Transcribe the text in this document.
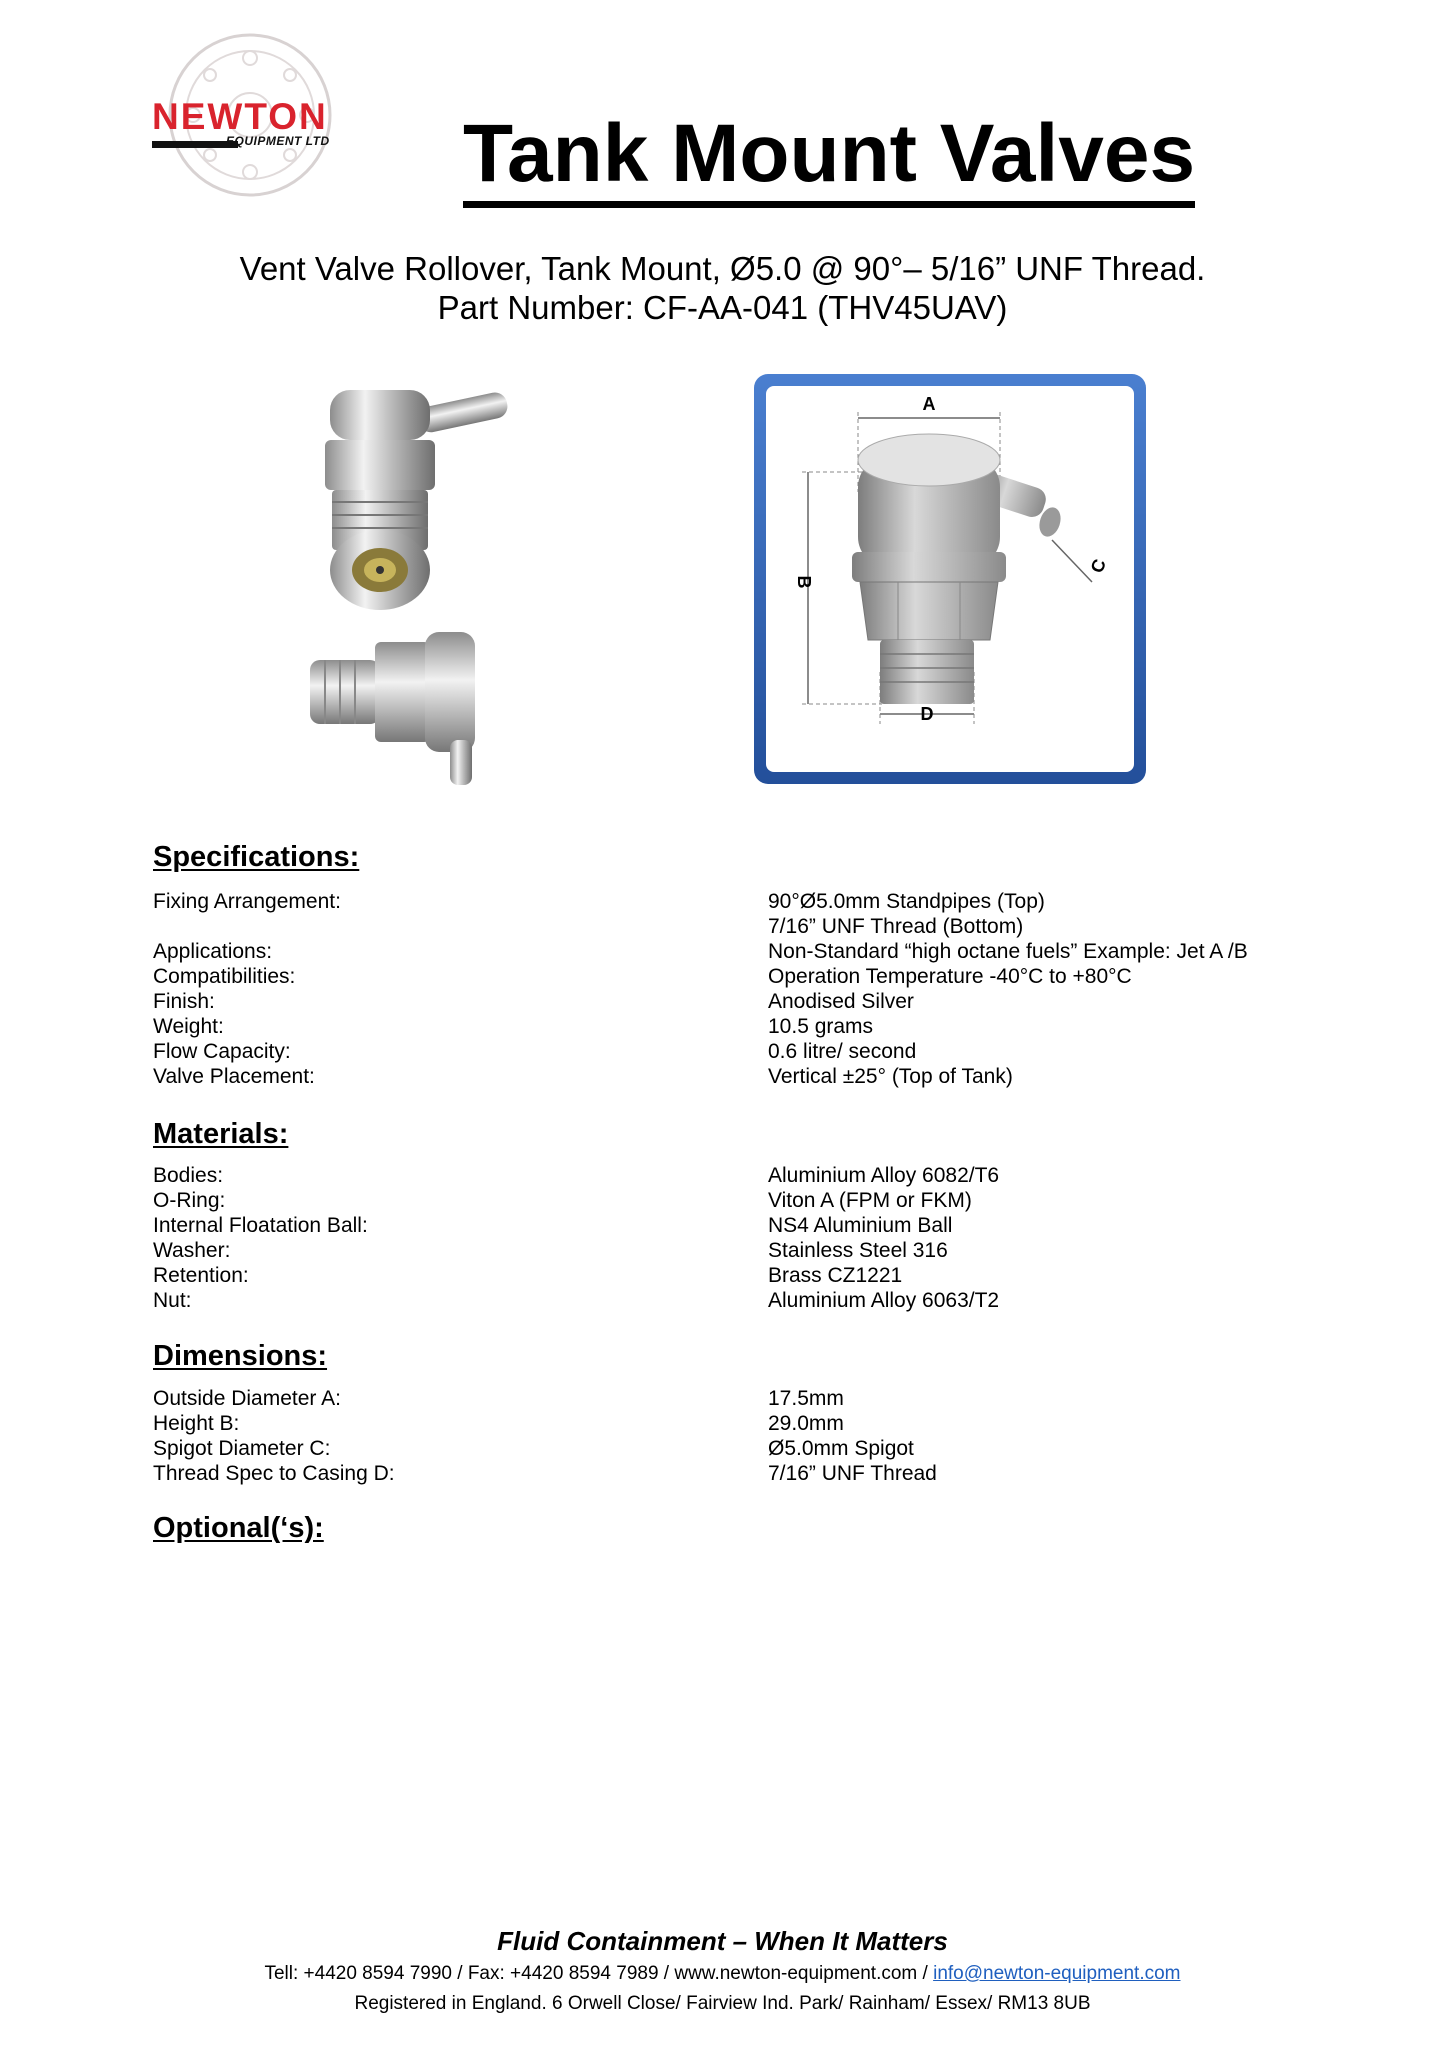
NEWTON
EQUIPMENT LTD Tank Mount Valves
Vent Valve Rollover, Tank Mount, Ø5.0 @ 90°– 5/16” UNF Thread.
Part Number: CF-AA-041 (THV45UAV)
A
B
C
D
Specifications:
Fixing Arrangement:	90°Ø5.0mm Standpipes (Top)
7/16” UNF Thread (Bottom)
Applications:	Non-Standard “high octane fuels” Example: Jet A /B
Compatibilities:	Operation Temperature -40°C to +80°C
Finish:	Anodised Silver
Weight:	10.5 grams
Flow Capacity:	0.6 litre/ second
Valve Placement:	Vertical ±25° (Top of Tank)
Materials:
Bodies:	Aluminium Alloy 6082/T6
O-Ring:	Viton A (FPM or FKM)
Internal Floatation Ball:	NS4 Aluminium Ball
Washer:	Stainless Steel 316
Retention:	Brass CZ1221
Nut:	Aluminium Alloy 6063/T2
Dimensions:
Outside Diameter A:	17.5mm
Height B:	29.0mm
Spigot Diameter C:	Ø5.0mm Spigot
Thread Spec to Casing D:	7/16” UNF Thread
Optional(‘s):
Fluid Containment – When It Matters
Tell: +4420 8594 7990 / Fax: +4420 8594 7989 / www.newton-equipment.com / info@newton-equipment.com
Registered in England. 6 Orwell Close/ Fairview Ind. Park/ Rainham/ Essex/ RM13 8UB
